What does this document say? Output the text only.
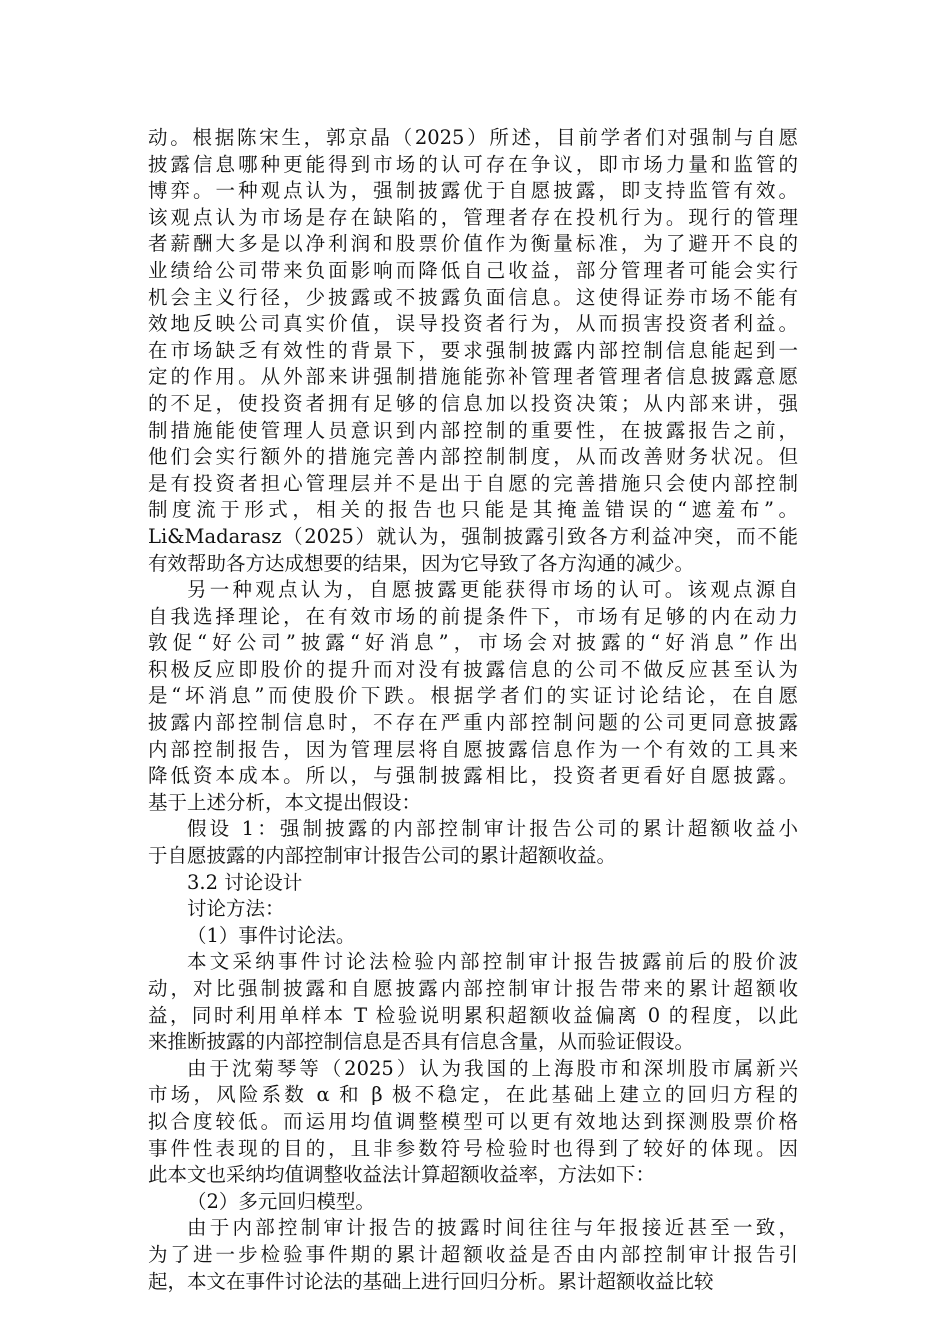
动。根据陈宋生，郭京晶（2025）所述，目前学者们对强制与自愿

披露信息哪种更能得到市场的认可存在争议，即市场力量和监管的

博弈。一种观点认为，强制披露优于自愿披露，即支持监管有效。

该观点认为市场是存在缺陷的，管理者存在投机行为。现行的管理

者薪酬大多是以净利润和股票价值作为衡量标准，为了避开不良的

业绩给公司带来负面影响而降低自己收益，部分管理者可能会实行

机会主义行径，少披露或不披露负面信息。这使得证券市场不能有

效地反映公司真实价值，误导投资者行为，从而损害投资者利益。

在市场缺乏有效性的背景下，要求强制披露内部控制信息能起到一

定的作用。从外部来讲强制措施能弥补管理者管理者信息披露意愿

的不足，使投资者拥有足够的信息加以投资决策；从内部来讲，强

制措施能使管理人员意识到内部控制的重要性，在披露报告之前，

他们会实行额外的措施完善内部控制制度，从而改善财务状况。但

是有投资者担心管理层并不是出于自愿的完善措施只会使内部控制

制度流于形式，相关的报告也只能是其掩盖错误的“遮羞布”。

Li&Madarasz（2025）就认为，强制披露引致各方利益冲突，而不能

有效帮助各方达成想要的结果，因为它导致了各方沟通的减少。

另一种观点认为，自愿披露更能获得市场的认可。该观点源自

自我选择理论，在有效市场的前提条件下，市场有足够的内在动力

敦促“好公司”披露“好消息”，市场会对披露的“好消息”作出

积极反应即股价的提升而对没有披露信息的公司不做反应甚至认为

是“坏消息”而使股价下跌。根据学者们的实证讨论结论，在自愿

披露内部控制信息时，不存在严重内部控制问题的公司更同意披露

内部控制报告，因为管理层将自愿披露信息作为一个有效的工具来

降低资本成本。所以，与强制披露相比，投资者更看好自愿披露。

基于上述分析，本文提出假设：

假设 1：强制披露的内部控制审计报告公司的累计超额收益小

于自愿披露的内部控制审计报告公司的累计超额收益。

3.2 讨论设计

讨论方法：

（1）事件讨论法。

本文采纳事件讨论法检验内部控制审计报告披露前后的股价波

动，对比强制披露和自愿披露内部控制审计报告带来的累计超额收

益，同时利用单样本 T 检验说明累积超额收益偏离 0 的程度，以此

来推断披露的内部控制信息是否具有信息含量，从而验证假设。

由于沈菊琴等（2025）认为我国的上海股市和深圳股市属新兴

市场，风险系数 α 和 β 极不稳定，在此基础上建立的回归方程的

拟合度较低。而运用均值调整模型可以更有效地达到探测股票价格

事件性表现的目的，且非参数符号检验时也得到了较好的体现。因

此本文也采纳均值调整收益法计算超额收益率，方法如下：

（2）多元回归模型。

由于内部控制审计报告的披露时间往往与年报接近甚至一致，

为了进一步检验事件期的累计超额收益是否由内部控制审计报告引

起，本文在事件讨论法的基础上进行回归分析。累计超额收益比较
